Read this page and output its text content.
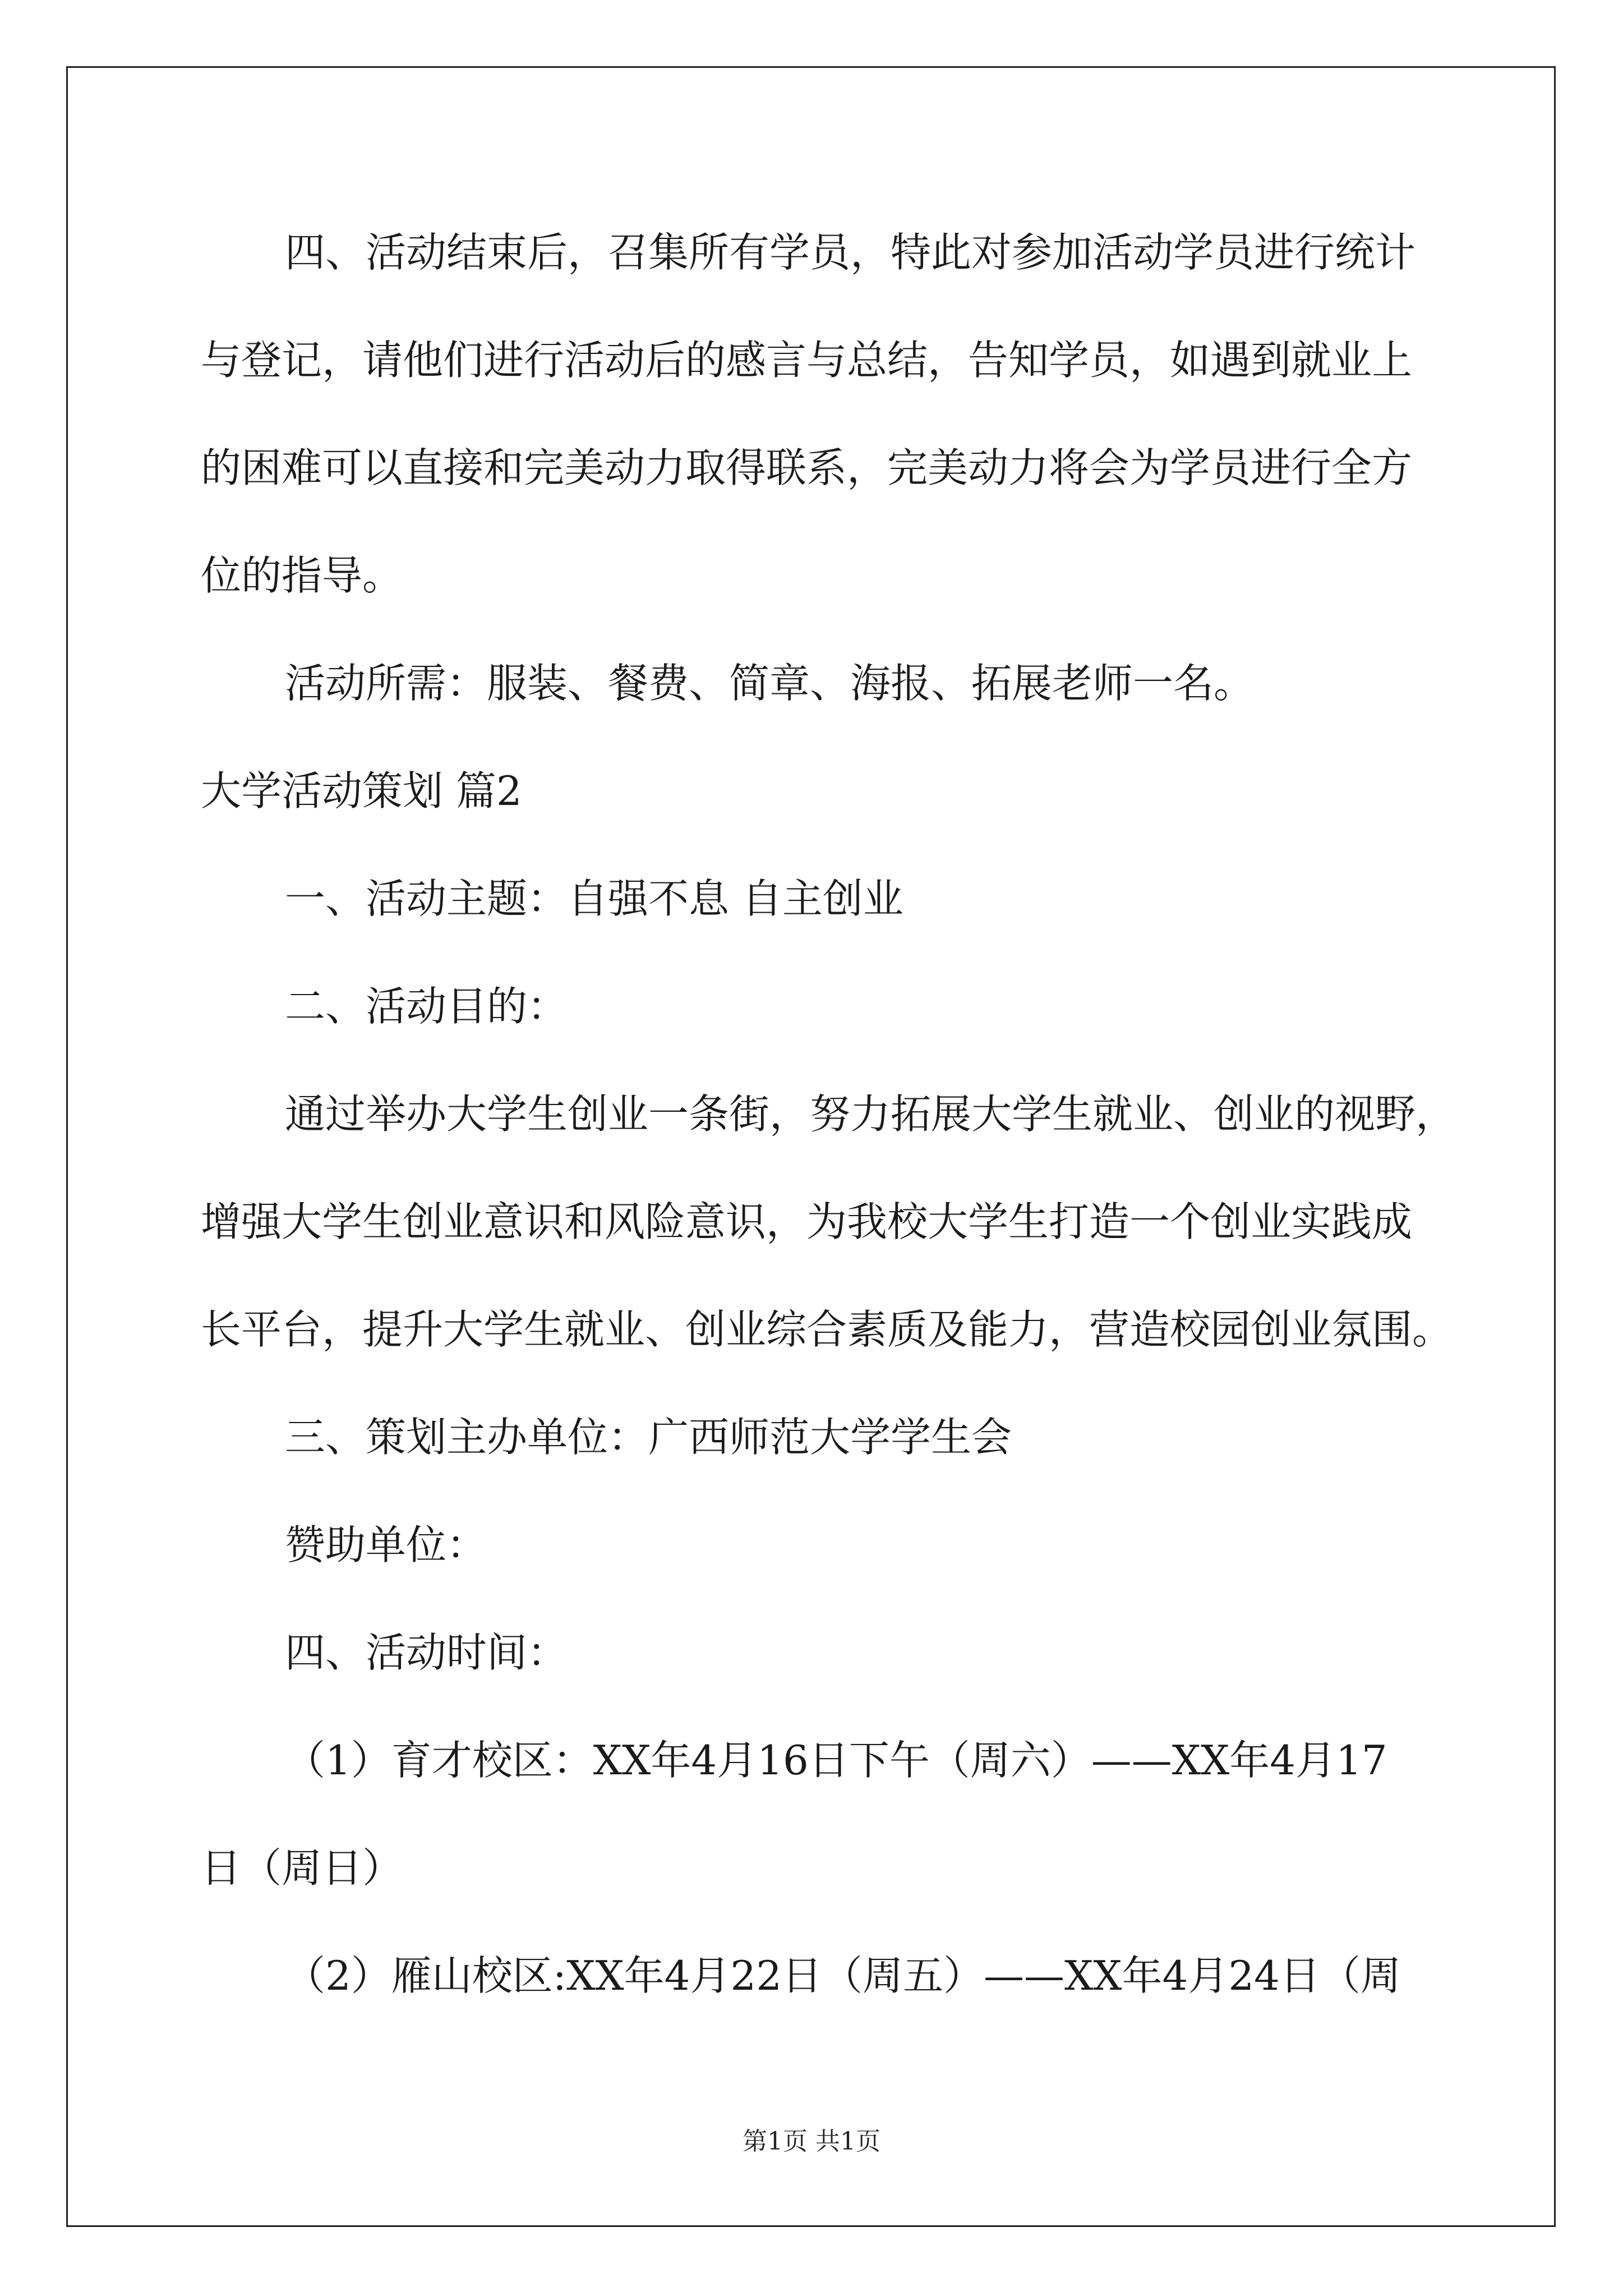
四、活动结束后，召集所有学员，特此对参加活动学员进行统计
与登记，请他们进行活动后的感言与总结，告知学员，如遇到就业上
的困难可以直接和完美动力取得联系，完美动力将会为学员进行全方
位的指导。
活动所需：服装、餐费、简章、海报、拓展老师一名。
大学活动策划 篇2
一、活动主题：自强不息 自主创业
二、活动目的：
通过举办大学生创业一条街，努力拓展大学生就业、创业的视野，
增强大学生创业意识和风险意识，为我校大学生打造一个创业实践成
长平台，提升大学生就业、创业综合素质及能力，营造校园创业氛围。
三、策划主办单位：广西师范大学学生会
赞助单位：
四、活动时间：
（1）育才校区：XX年4月16日下午（周六）——XX年4月17
日（周日）
（2）雁山校区:XX年4月22日（周五）——XX年4月24日（周
第1页 共1页
